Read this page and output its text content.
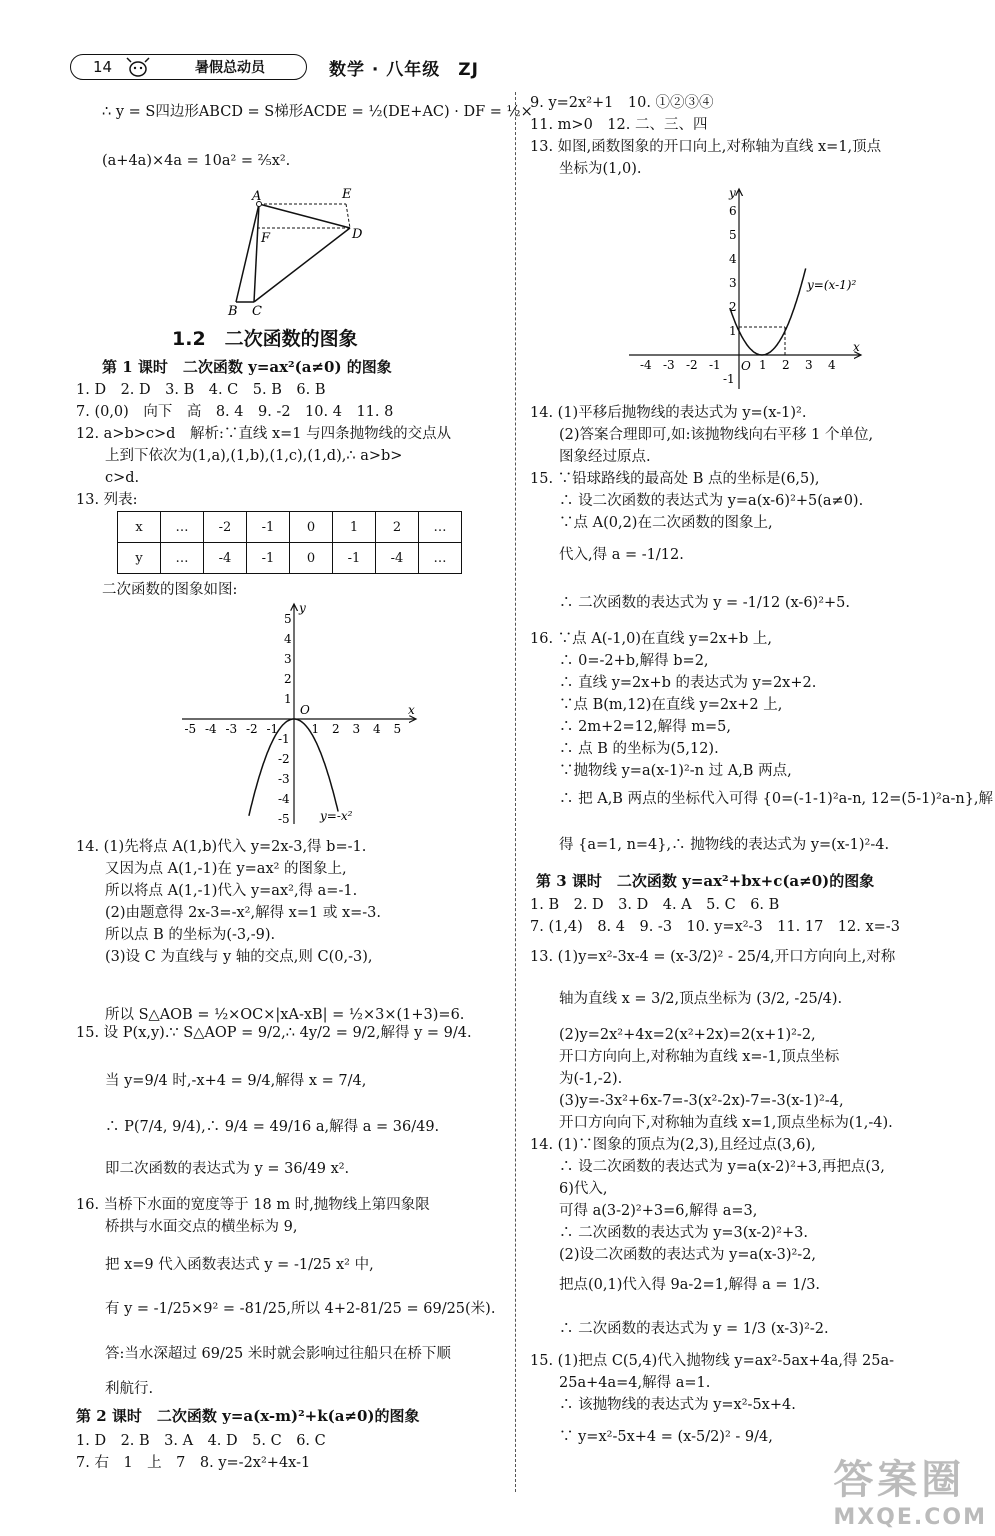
14	暑假总动员	数学 · 八年级　ZJ
∴ y = S四边形ABCD = S梯形ACDE = ½(DE+AC) · DF = ½×
(a+4a)×4a = 10a² = ⅖x².
A	E
F	D
B C
1.2　二次函数的图象
第 1 课时　二次函数 y=ax²(a≠0) 的图象
1. D　2. D　3. B　4. C　5. B　6. B
7. (0,0)　向下　高　8. 4　9. -2　10. 4　11. 8
12. a>b>c>d　解析:∵直线 x=1 与四条抛物线的交点从
　　上到下依次为(1,a),(1,b),(1,c),(1,d),∴ a>b>
　　c>d.
13. 列表:
x	…	-2	-1	0	1	2	…
y	…	-4	-1	0	-1	-4	…
二次函数的图象如图:
x
y
O
-5 -4 -3 -2 -1	1 2 3 4 5
5
4
3
2
1
-1
-2
-3
-4
-5	y=-x²
14. (1)先将点 A(1,b)代入 y=2x-3,得 b=-1.
　　又因为点 A(1,-1)在 y=ax² 的图象上,
　　所以将点 A(1,-1)代入 y=ax²,得 a=-1.
　　(2)由题意得 2x-3=-x²,解得 x=1 或 x=-3.
　　所以点 B 的坐标为(-3,-9).
　　(3)设 C 为直线与 y 轴的交点,则 C(0,-3),
　　所以 S△AOB = ½×OC×|xA-xB| = ½×3×(1+3)=6.
15. 设 P(x,y).∵ S△AOP = 9/2,∴ 4y/2 = 9/2,解得 y = 9/4.
　　当 y=9/4 时,-x+4 = 9/4,解得 x = 7/4,
　　∴ P(7/4, 9/4),∴ 9/4 = 49/16 a,解得 a = 36/49.
　　即二次函数的表达式为 y = 36/49 x².
16. 当桥下水面的宽度等于 18 m 时,抛物线上第四象限
　　桥拱与水面交点的横坐标为 9,
　　把 x=9 代入函数表达式 y = -1/25 x² 中,
　　有 y = -1/25×9² = -81/25,所以 4+2-81/25 = 69/25(米).
　　答:当水深超过 69/25 米时就会影响过往船只在桥下顺
　　利航行.
第 2 课时　二次函数 y=a(x-m)²+k(a≠0)的图象
1. D　2. B　3. A　4. D　5. C　6. C
7. 右　1　上　7　8. y=-2x²+4x-1
9. y=2x²+1　10. ①②③④
11. m>0　12. 二、三、四
13. 如图,函数图象的开口向上,对称轴为直线 x=1,顶点
　　坐标为(1,0).
x
y
O
-4 -3 -2 -1	1 2 3 4
6
5
4
3
2
1
-1
y=(x-1)²
14. (1)平移后抛物线的表达式为 y=(x-1)².
　　(2)答案合理即可,如:该抛物线向右平移 1 个单位,
　　图象经过原点.
15. ∵铅球路线的最高处 B 点的坐标是(6,5),
　　∴ 设二次函数的表达式为 y=a(x-6)²+5(a≠0).
　　∵点 A(0,2)在二次函数的图象上,
　　代入,得 a = -1/12.
　　∴ 二次函数的表达式为 y = -1/12 (x-6)²+5.
16. ∵点 A(-1,0)在直线 y=2x+b 上,
　　∴ 0=-2+b,解得 b=2,
　　∴ 直线 y=2x+b 的表达式为 y=2x+2.
　　∵点 B(m,12)在直线 y=2x+2 上,
　　∴ 2m+2=12,解得 m=5,
　　∴ 点 B 的坐标为(5,12).
　　∵抛物线 y=a(x-1)²-n 过 A,B 两点,
　　∴ 把 A,B 两点的坐标代入可得 {0=(-1-1)²a-n, 12=(5-1)²a-n},解
　　得 {a=1, n=4},∴ 抛物线的表达式为 y=(x-1)²-4.
第 3 课时　二次函数 y=ax²+bx+c(a≠0)的图象
1. B　2. D　3. D　4. A　5. C　6. B
7. (1,4)　8. 4　9. -3　10. y=x²-3　11. 17　12. x=-3
13. (1)y=x²-3x-4 = (x-3/2)² - 25/4,开口方向向上,对称
　　轴为直线 x = 3/2,顶点坐标为 (3/2, -25/4).
　　(2)y=2x²+4x=2(x²+2x)=2(x+1)²-2,
　　开口方向向上,对称轴为直线 x=-1,顶点坐标
　　为(-1,-2).
　　(3)y=-3x²+6x-7=-3(x²-2x)-7=-3(x-1)²-4,
　　开口方向向下,对称轴为直线 x=1,顶点坐标为(1,-4).
14. (1)∵图象的顶点为(2,3),且经过点(3,6),
　　∴ 设二次函数的表达式为 y=a(x-2)²+3,再把点(3,
　　6)代入,
　　可得 a(3-2)²+3=6,解得 a=3,
　　∴ 二次函数的表达式为 y=3(x-2)²+3.
　　(2)设二次函数的表达式为 y=a(x-3)²-2,
　　把点(0,1)代入得 9a-2=1,解得 a = 1/3.
　　∴ 二次函数的表达式为 y = 1/3 (x-3)²-2.
15. (1)把点 C(5,4)代入抛物线 y=ax²-5ax+4a,得 25a-
　　25a+4a=4,解得 a=1.
　　∴ 该抛物线的表达式为 y=x²-5x+4.
　　∵ y=x²-5x+4 = (x-5/2)² - 9/4,
答案圈
MXQE.COM
